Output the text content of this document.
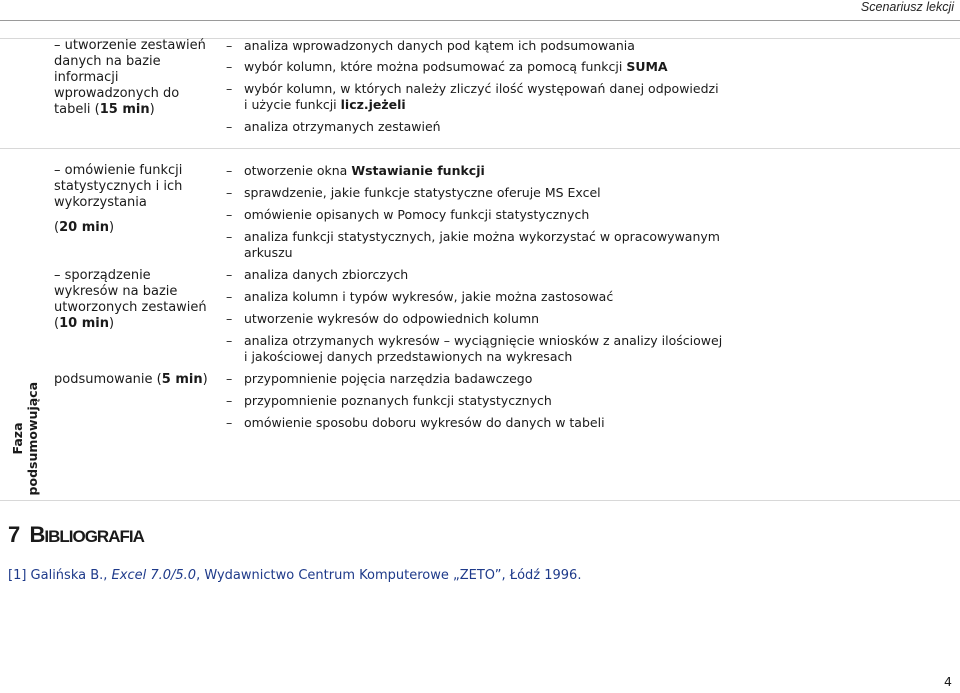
Scenariusz lekcji
– utworzenie zestawień danych na bazie informacji wprowadzonych do tabeli (15 min)
– analiza wprowadzonych danych pod kątem ich podsumowania
– wybór kolumn, które można podsumować za pomocą funkcji SUMA
– wybór kolumn, w których należy zliczyć ilość występowań danej odpowiedzi
i użycie funkcji licz.jeżeli
– analiza otrzymanych zestawień
– omówienie funkcji statystycznych i ich wykorzystania
(20 min)
– sporządzenie wykresów na bazie utworzonych zestawień (10 min)
– otworzenie okna Wstawianie funkcji
– sprawdzenie, jakie funkcje statystyczne oferuje MS Excel
– omówienie opisanych w Pomocy funkcji statystycznych
– analiza funkcji statystycznych, jakie można wykorzystać w opracowywanym
arkuszu
– analiza danych zbiorczych
– analiza kolumn i typów wykresów, jakie można zastosować
– utworzenie wykresów do odpowiednich kolumn
– analiza otrzymanych wykresów – wyciągnięcie wniosków z analizy ilościowej
i jakościowej danych przedstawionych na wykresach
Faza podsumowująca
podsumowanie (5 min) – przypomnienie pojęcia narzędzia badawczego
– przypomnienie poznanych funkcji statystycznych
– omówienie sposobu doboru wykresów do danych w tabeli
7 BIBLIOGRAFIA
[1] Galińska B., Excel 7.0/5.0, Wydawnictwo Centrum Komputerowe „ZETO”, Łódź 1996.
4
